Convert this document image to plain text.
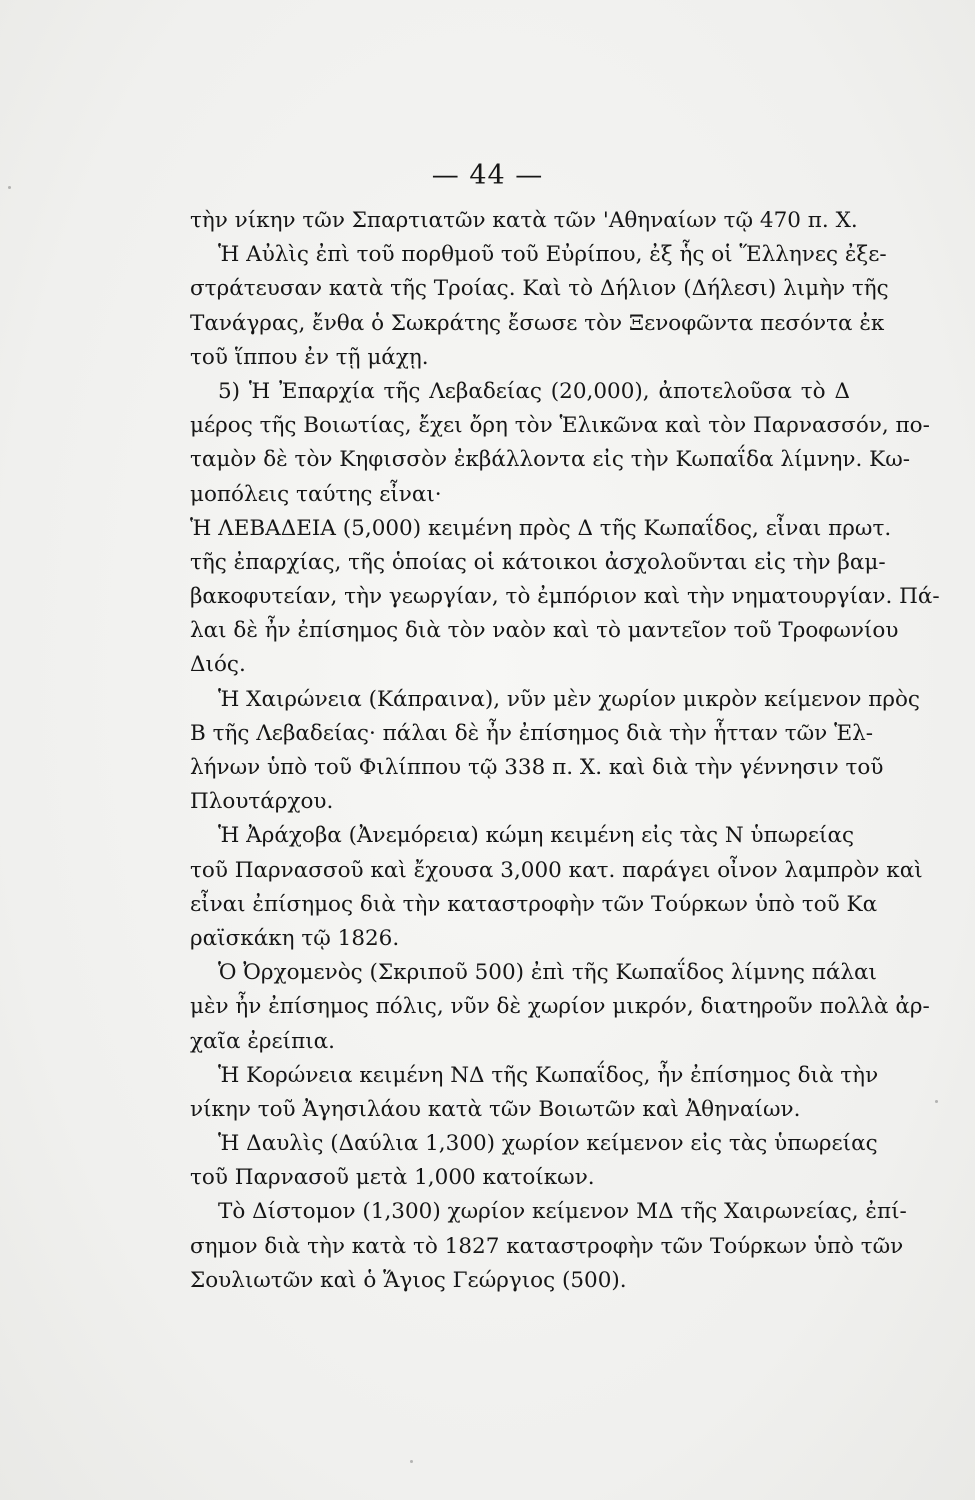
— 44 —
τὴν νίκην τῶν Σπαρτιατῶν κατὰ τῶν 'Αθηναίων τῷ 470 π. Χ.
Ἡ Αὐλὶς ἐπὶ τοῦ πορθμοῦ τοῦ Εὐρίπου, ἐξ ἧς οἱ Ἕλληνες ἐξε-
στράτευσαν κατὰ τῆς Τροίας. Καὶ τὸ Δήλιον (Δήλεσι) λιμὴν τῆς
Τανάγρας, ἔνθα ὁ Σωκράτης ἔσωσε τὸν Ξενοφῶντα πεσόντα ἐκ
τοῦ ἵππου ἐν τῇ μάχῃ.
5) Ἡ Ἐπαρχία τῆς Λεβαδείας (20,000), ἀποτελοῦσα τὸ Δ
μέρος τῆς Βοιωτίας, ἔχει ὄρη τὸν Ἑλικῶνα καὶ τὸν Παρνασσόν, πο-
ταμὸν δὲ τὸν Κηφισσὸν ἐκβάλλοντα εἰς τὴν Κωπαΐδα λίμνην. Κω-
μοπόλεις ταύτης εἶναι·
Ἡ ΛΕΒΑΔΕΙΑ (5,000) κειμένη πρὸς Δ τῆς Κωπαΐδος, εἶναι πρωτ.
τῆς ἐπαρχίας, τῆς ὁποίας οἱ κάτοικοι ἀσχολοῦνται εἰς τὴν βαμ-
βακοφυτείαν, τὴν γεωργίαν, τὸ ἐμπόριον καὶ τὴν νηματουργίαν. Πά-
λαι δὲ ἦν ἐπίσημος διὰ τὸν ναὸν καὶ τὸ μαντεῖον τοῦ Τροφωνίου
Διός.
Ἡ Χαιρώνεια (Κάπραινα), νῦν μὲν χωρίον μικρὸν κείμενον πρὸς
Β τῆς Λεβαδείας· πάλαι δὲ ἦν ἐπίσημος διὰ τὴν ἧτταν τῶν Ἑλ-
λήνων ὑπὸ τοῦ Φιλίππου τῷ 338 π. Χ. καὶ διὰ τὴν γέννησιν τοῦ
Πλουτάρχου.
Ἡ Ἀράχοβα (Ἀνεμόρεια) κώμη κειμένη εἰς τὰς Ν ὑπωρείας
τοῦ Παρνασσοῦ καὶ ἔχουσα 3,000 κατ. παράγει οἶνον λαμπρὸν καὶ
εἶναι ἐπίσημος διὰ τὴν καταστροφὴν τῶν Τούρκων ὑπὸ τοῦ Κα
ραϊσκάκη τῷ 1826.
Ὁ Ὀρχομενὸς (Σκριποῦ 500) ἐπὶ τῆς Κωπαΐδος λίμνης πάλαι
μὲν ἦν ἐπίσημος πόλις, νῦν δὲ χωρίον μικρόν, διατηροῦν πολλὰ ἀρ-
χαῖα ἐρείπια.
Ἡ Κορώνεια κειμένη ΝΔ τῆς Κωπαΐδος, ἦν ἐπίσημος διὰ τὴν
νίκην τοῦ Ἀγησιλάου κατὰ τῶν Βοιωτῶν καὶ Ἀθηναίων.
Ἡ Δαυλὶς (Δαύλια 1,300) χωρίον κείμενον εἰς τὰς ὑπωρείας
τοῦ Παρνασοῦ μετὰ 1,000 κατοίκων.
Τὸ Δίστομον (1,300) χωρίον κείμενον ΜΔ τῆς Χαιρωνείας, ἐπί-
σημον διὰ τὴν κατὰ τὸ 1827 καταστροφὴν τῶν Τούρκων ὑπὸ τῶν
Σουλιωτῶν καὶ ὁ Ἅγιος Γεώργιος (500).
